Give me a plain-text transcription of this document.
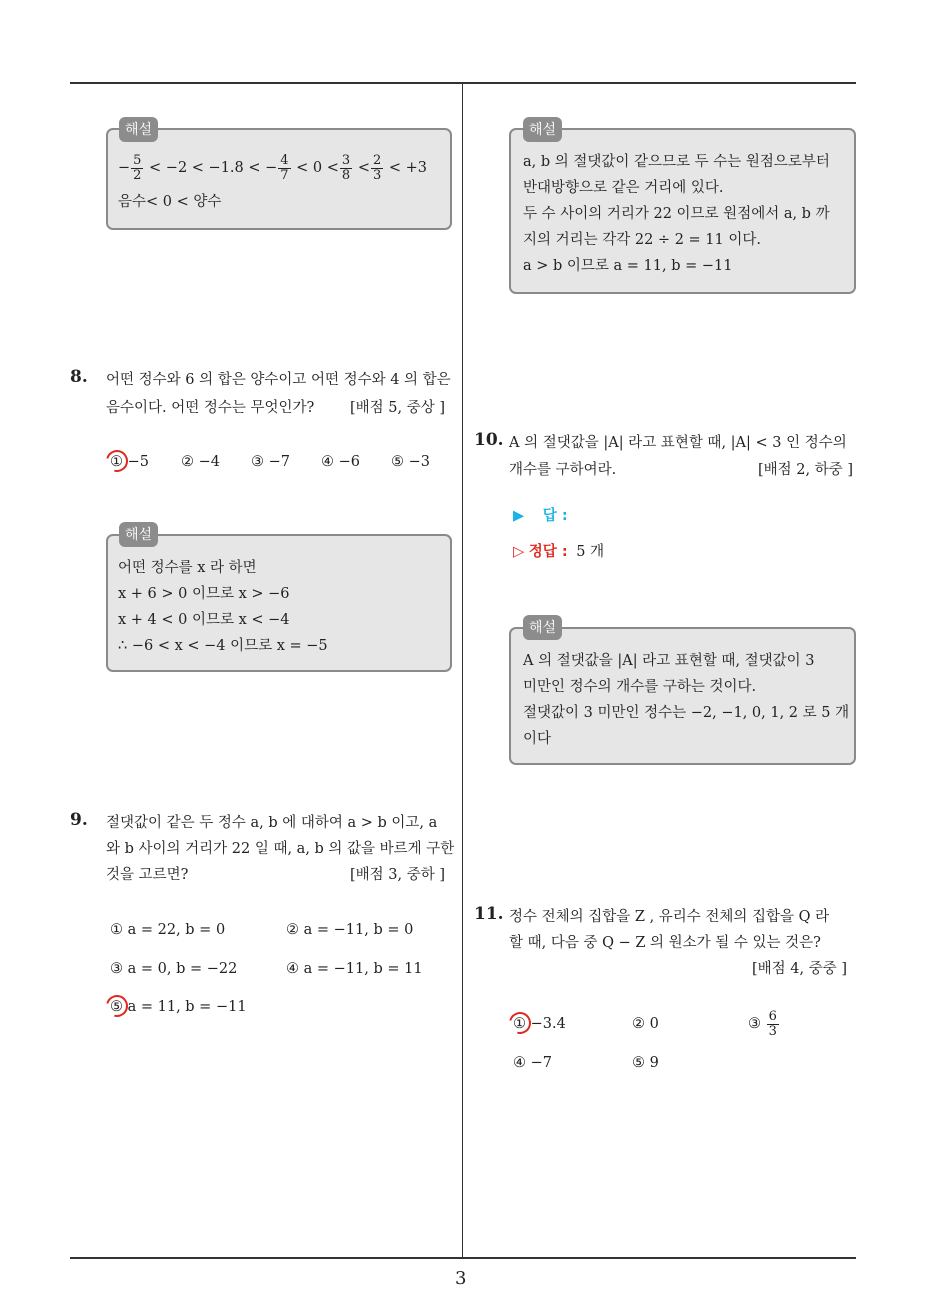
3
− $\frac{5}{2} < -2 < -1.8$ < − $\frac{4}{7} < 0 < \frac{3}{8} < \frac{2}{3} < +3$
음수< 0 < 양수
해설
8. 어떤 정수와 6 의 합은 양수이고 어떤 정수와 4 의 합은
음수이다. 어떤 정수는 무엇인가? [배점 5, 중상 ]
① −5 ② −4 ③ −7 ④ −6 ⑤ −3
어떤 정수를 x 라 하면
x + 6 > 0 이므로 x > −6
x + 4 < 0 이므로 x < −4
∴ −6 < x < −4 이므로 x = −5
해설
9. 절댓값이 같은 두 정수 a, b 에 대하여 a > b 이고, a
와 b 사이의 거리가 22 일 때, a, b 의 값을 바르게 구한
것을 고르면?	[배점 3, 중하 ]
① a = 22, b = 0	② a = −11, b = 0
③ a = 0, b = −22	④ a = −11, b = 11
⑤ a = 11, b = −11
a, b 의 절댓값이 같으므로 두 수는 원점으로부터
반대방향으로 같은 거리에 있다.
두 수 사이의 거리가 22 이므로 원점에서 a, b 까
지의 거리는 각각 22 ÷ 2 = 11 이다.
a > b 이므로 a = 11, b = −11
해설
10. A 의 절댓값을 |A| 라고 표현할 때, |A| < 3 인 정수의
개수를 구하여라.	[배점 2, 하중 ]
▶ 답 :
▷ 정답 : 5 개
A 의 절댓값을 |A| 라고 표현할 때, 절댓값이 3
미만인 정수의 개수를 구하는 것이다.
절댓값이 3 미만인 정수는 −2, −1, 0, 1, 2 로 5 개
이다
해설
11. 정수 전체의 집합을 Z , 유리수 전체의 집합을 Q 라
할 때, 다음 중 Q − Z 의 원소가 될 수 있는 것은?
[배점 4, 중중 ]
① −3.4	② 0	③ $\frac{6}{3}$
④ −7	⑤ 9
